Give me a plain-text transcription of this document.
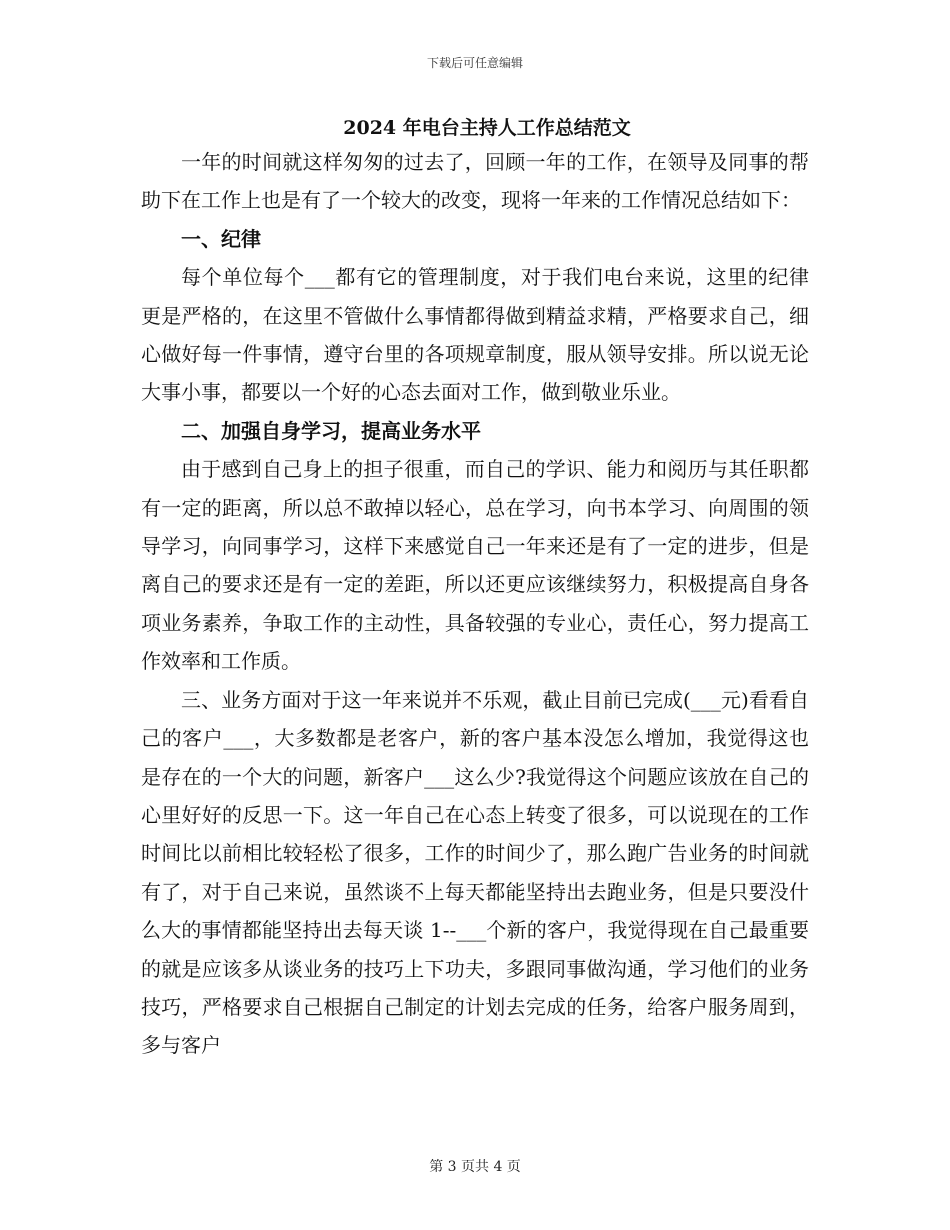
下载后可任意编辑
2024 年电台主持人工作总结范文

一年的时间就这样匆匆的过去了，回顾一年的工作，在领导及同事的帮助下在工作上也是有了一个较大的改变，现将一年来的工作情况总结如下：

一、纪律

每个单位每个___都有它的管理制度，对于我们电台来说，这里的纪律更是严格的，在这里不管做什么事情都得做到精益求精，严格要求自己，细心做好每一件事情，遵守台里的各项规章制度，服从领导安排。所以说无论大事小事，都要以一个好的心态去面对工作，做到敬业乐业。

二、加强自身学习，提高业务水平

由于感到自己身上的担子很重，而自己的学识、能力和阅历与其任职都有一定的距离，所以总不敢掉以轻心，总在学习，向书本学习、向周围的领导学习，向同事学习，这样下来感觉自己一年来还是有了一定的进步，但是离自己的要求还是有一定的差距，所以还更应该继续努力，积极提高自身各项业务素养，争取工作的主动性，具备较强的专业心，责任心，努力提高工作效率和工作质。

三、业务方面对于这一年来说并不乐观，截止目前已完成(___元)看看自己的客户___，大多数都是老客户，新的客户基本没怎么增加，我觉得这也是存在的一个大的问题，新客户___这么少?我觉得这个问题应该放在自己的心里好好的反思一下。这一年自己在心态上转变了很多，可以说现在的工作时间比以前相比较轻松了很多，工作的时间少了，那么跑广告业务的时间就有了，对于自己来说，虽然谈不上每天都能坚持出去跑业务，但是只要没什么大的事情都能坚持出去每天谈 1--___个新的客户，我觉得现在自己最重要的就是应该多从谈业务的技巧上下功夫，多跟同事做沟通，学习他们的业务技巧，严格要求自己根据自己制定的计划去完成的任务，给客户服务周到，多与客户

第 3 页共 4 页
